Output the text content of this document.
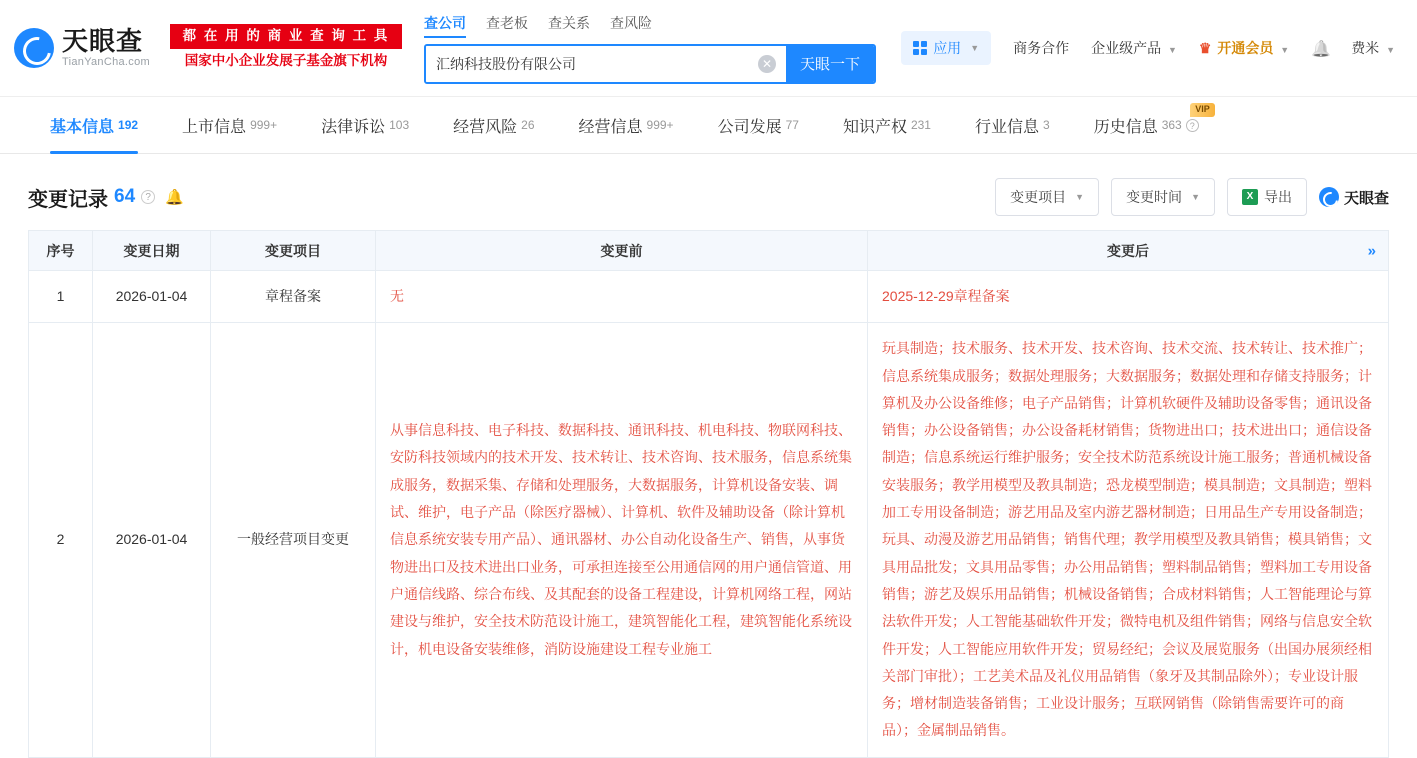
天眼查
TianYanCha.com
都 在 用 的 商 业 查 询 工 具
国家中小企业发展子基金旗下机构
查公司 查老板 查关系 查风险
汇纳科技股份有限公司
✕	天眼一下
应用 ▼ 商务合作 企业级产品 ▼ ♛ 开通会员 ▼ 🔔	费米 ▼
基本信息 192	上市信息 999+	法律诉讼 103	经营风险 26	经营信息 999+	公司发展 77	知识产权 231	行业信息 3
VIP
历史信息 363 ?
变更记录 64	? 🔔	变更项目 ▼	变更时间 ▼	X 导出	天眼查
序号	变更日期	变更项目	变更前	变更后 »

1	2026-01-04	章程备案	无	2025-12-29章程备案
2	2026-01-04	一般经营项目变更	从事信息科技、电子科技、数据科技、通讯科技、机电科技、物联网科技、安防科技领域内的技术开发、技术转让、技术咨询、技术服务，信息系统集成服务，数据采集、存储和处理服务，大数据服务，计算机设备安装、调试、维护，电子产品（除医疗器械）、计算机、软件及辅助设备（除计算机信息系统安装专用产品）、通讯器材、办公自动化设备生产、销售，从事货物进出口及技术进出口业务，可承担连接至公用通信网的用户通信管道、用户通信线路、综合布线、及其配套的设备工程建设，计算机网络工程，网站建设与维护，安全技术防范设计施工，建筑智能化工程，建筑智能化系统设计，机电设备安装维修，消防设施建设工程专业施工	玩具制造；技术服务、技术开发、技术咨询、技术交流、技术转让、技术推广；信息系统集成服务；数据处理服务；大数据服务；数据处理和存储支持服务；计算机及办公设备维修；电子产品销售；计算机软硬件及辅助设备零售；通讯设备销售；办公设备销售；办公设备耗材销售；货物进出口；技术进出口；通信设备制造；信息系统运行维护服务；安全技术防范系统设计施工服务；普通机械设备安装服务；教学用模型及教具制造；恐龙模型制造；模具制造；文具制造；塑料加工专用设备制造；游艺用品及室内游艺器材制造；日用品生产专用设备制造；玩具、动漫及游艺用品销售；销售代理；教学用模型及教具销售；模具销售；文具用品批发；文具用品零售；办公用品销售；塑料制品销售；塑料加工专用设备销售；游艺及娱乐用品销售；机械设备销售；合成材料销售；人工智能理论与算法软件开发；人工智能基础软件开发；微特电机及组件销售；网络与信息安全软件开发；人工智能应用软件开发；贸易经纪；会议及展览服务（出国办展须经相关部门审批）；工艺美术品及礼仪用品销售（象牙及其制品除外）；专业设计服务；增材制造装备销售；工业设计服务；互联网销售（除销售需要许可的商品）；金属制品销售。
